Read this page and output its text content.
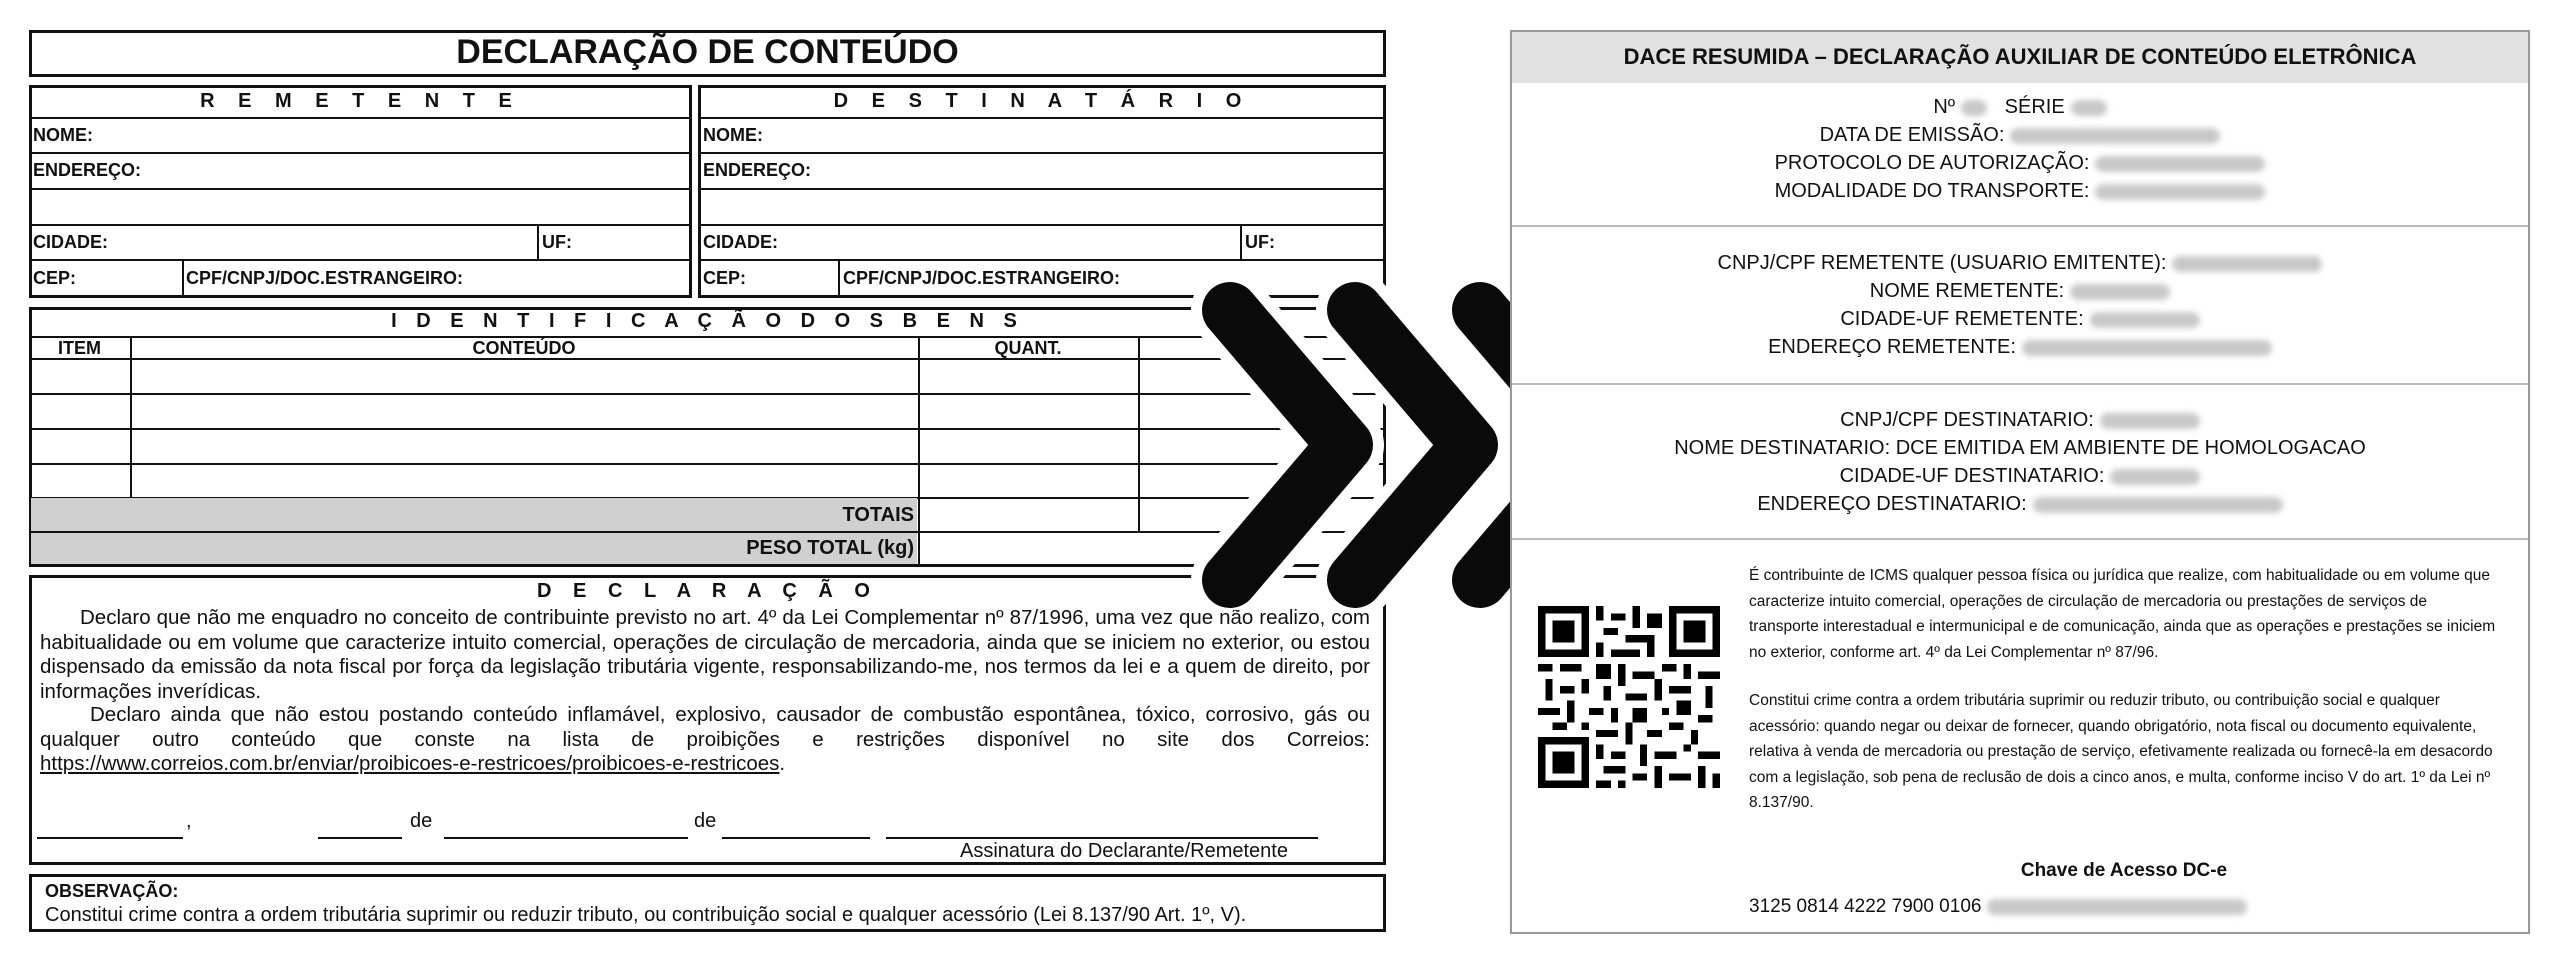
DECLARAÇÃO DE CONTEÚDO
R E M E T E N T E
NOME:
ENDEREÇO:
CIDADE:	UF:
CEP:	CPF/CNPJ/DOC.ESTRANGEIRO:
D E S T I N A T Á R I O
NOME:
ENDEREÇO:
CIDADE:	UF:
CEP:	CPF/CNPJ/DOC.ESTRANGEIRO:
I D E N T I F I C A Ç Ã O D O S B E N S
ITEM	CONTEÚDO	QUANT.
TOTAIS
PESO TOTAL (kg)
D E C L A R A Ç Ã O
Declaro que não me enquadro no conceito de contribuinte previsto no art. 4º da Lei Complementar nº 87/1996, uma vez que não realizo, com habitualidade ou em volume que caracterize intuito comercial, operações de circulação de mercadoria, ainda que se iniciem no exterior, ou estou dispensado da emissão da nota fiscal por força da legislação tributária vigente, responsabilizando-me, nos termos da lei e a quem de direito, por informações inverídicas.
Declaro ainda que não estou postando conteúdo inflamável, explosivo, causador de combustão espontânea, tóxico, corrosivo, gás ou qualquer outro conteúdo que conste na lista de proibições e restrições disponível no site dos Correios: https://www.correios.com.br/enviar/proibicoes-e-restricoes/proibicoes-e-restricoes.
,	de	de
Assinatura do Declarante/Remetente
OBSERVAÇÃO:
Constitui crime contra a ordem tributária suprimir ou reduzir tributo, ou contribuição social e qualquer acessório (Lei 8.137/90 Art. 1º, V).
DACE RESUMIDA – DECLARAÇÃO AUXILIAR DE CONTEÚDO ELETRÔNICA
Nº SÉRIE
DATA DE EMISSÃO:
PROTOCOLO DE AUTORIZAÇÃO:
MODALIDADE DO TRANSPORTE:
CNPJ/CPF REMETENTE (USUARIO EMITENTE):
NOME REMETENTE:
CIDADE-UF REMETENTE:
ENDEREÇO REMETENTE:
CNPJ/CPF DESTINATARIO:
NOME DESTINATARIO: DCE EMITIDA EM AMBIENTE DE HOMOLOGACAO
CIDADE-UF DESTINATARIO:
ENDEREÇO DESTINATARIO:
É contribuinte de ICMS qualquer pessoa física ou jurídica que realize, com habitualidade ou em volume que caracterize intuito comercial, operações de circulação de mercadoria ou prestações de serviços de transporte interestadual e intermunicipal e de comunicação, ainda que as operações e prestações se iniciem no exterior, conforme art. 4º da Lei Complementar nº 87/96.
Constitui crime contra a ordem tributária suprimir ou reduzir tributo, ou contribuição social e qualquer acessório: quando negar ou deixar de fornecer, quando obrigatório, nota fiscal ou documento equivalente, relativa à venda de mercadoria ou prestação de serviço, efetivamente realizada ou fornecê-la em desacordo com a legislação, sob pena de reclusão de dois a cinco anos, e multa, conforme inciso V do art. 1º da Lei nº 8.137/90.
Chave de Acesso DC-e
3125 0814 4222 7900 0106
